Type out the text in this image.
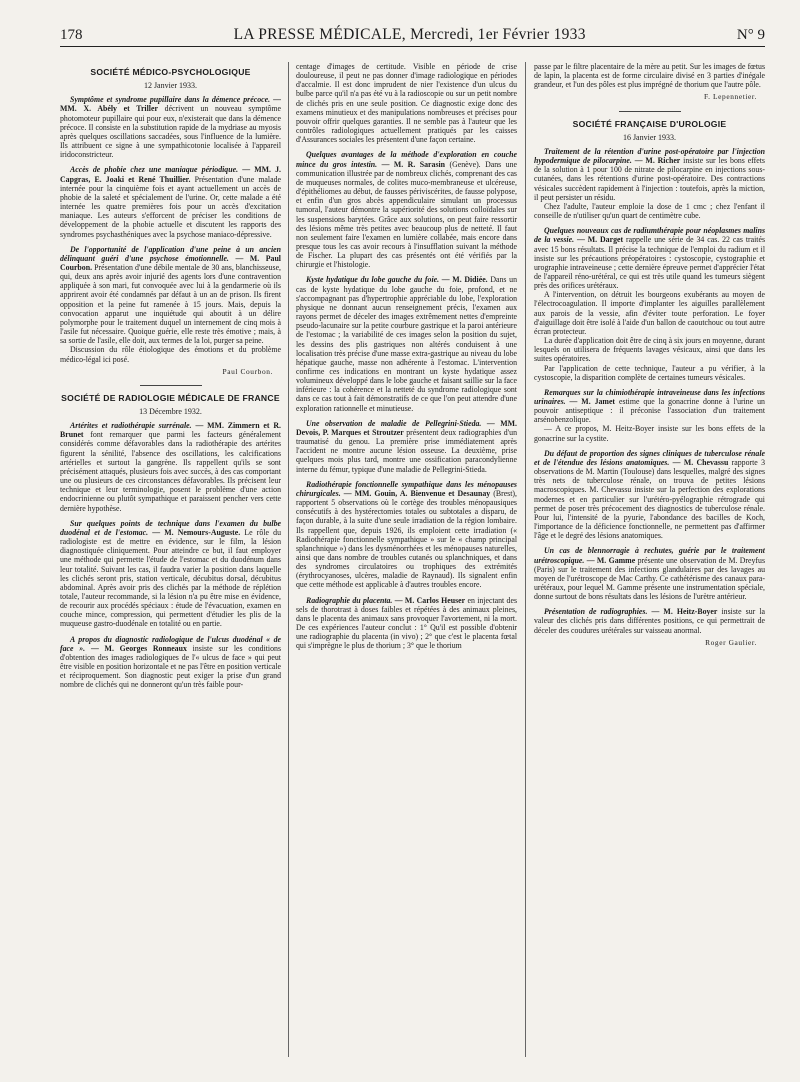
178	LA PRESSE MÉDICALE, Mercredi, 1er Février 1933	N° 9
SOCIÉTÉ MÉDICO-PSYCHOLOGIQUE
12 Janvier 1933.

Symptôme et syndrome pupillaire dans la démence précoce. — MM. X. Abély et Triller décrivent un nouveau symptôme photomoteur pupillaire qui pour eux, n'existerait que dans la démence précoce. Il consiste en la substitution rapide de la mydriase au myosis après quelques oscillations saccadées, sous l'influence de la lumière. Ils attribuent ce signe à une sympathicotonie localisée à l'appareil iridoconstricteur.

Accès de phobie chez une maniaque périodique. — MM. J. Capgras, E. Joaki et René Thuillier. Présentation d'une malade internée pour la cinquième fois et ayant actuellement un accès de phobie de la saleté et spécialement de l'urine. Or, cette malade a été internée les quatre premières fois pour un accès d'excitation maniaque. Les auteurs s'efforcent de préciser les conditions de développement de la phobie actuelle et discutent les rapports des syndromes psychasthéniques avec la psychose maniaco-dépressive.

De l'opportunité de l'application d'une peine à un ancien délinquant guéri d'une psychose émotionnelle. — M. Paul Courbon. Présentation d'une débile mentale de 30 ans, blanchisseuse, qui, deux ans après avoir injurié des agents lors d'une contravention appliquée à son mari, fut convoquée avec lui à la gendarmerie où ils apprirent avoir été condamnés par défaut à un an de prison. Ils firent opposition et la peine fut ramenée à 15 jours. Mais, depuis la convocation apparut une inquiétude qui aboutit à un délire polymorphe pour le traitement duquel un internement de cinq mois à l'asile fut nécessaire. Quoique guérie, elle reste très émotive ; mais, à sa sortie de l'asile, elle doit, aux termes de la loi, purger sa peine.

Discussion du rôle étiologique des émotions et du problème médico-légal ici posé.

Paul Courbon.
SOCIÉTÉ DE RADIOLOGIE MÉDICALE DE FRANCE
13 Décembre 1932.

Artérites et radiothérapie surrénale. — MM. Zimmern et R. Brunet font remarquer que parmi les facteurs généralement considérés comme défavorables dans la radiothérapie des artérites figurent la sénilité, l'absence des oscillations, les calcifications artérielles et surtout la gangrène. Ils rappellent qu'ils se sont précisément attaqués, plusieurs fois avec succès, à des cas comportant une ou plusieurs de ces circonstances défavorables. Ils précisent leur technique et leur terminologie, posent le problème d'une action endocrinienne ou plutôt sympathique et paraissent pencher vers cette dernière hypothèse.

Sur quelques points de technique dans l'examen du bulbe duodénal et de l'estomac. — M. Nemours-Auguste. Le rôle du radiologiste est de mettre en évidence, sur le film, la lésion diagnostiquée cliniquement. Pour atteindre ce but, il faut employer une méthode qui permette l'étude de l'estomac et du duodénum dans leur totalité. Suivant les cas, il faudra varier la position dans laquelle les clichés seront pris, station verticale, décubitus dorsal, décubitus abdominal. Après avoir pris des clichés par la méthode de réplétion totale, l'auteur recommande, si la lésion n'a pu être mise en évidence, de recourir aux procédés spéciaux : étude de l'évacuation, examen en couche mince, compression, qui permettent d'étudier les plis de la muqueuse gastro-duodénale en totalité ou en partie.

A propos du diagnostic radiologique de l'ulcus duodénal « de face ». — M. Georges Ronneaux insiste sur les conditions d'obtention des images radiologiques de l'« ulcus de face » qui peut être visible en position horizontale et ne pas l'être en position verticale et réciproquement. Son diagnostic peut exiger la prise d'un grand nombre de clichés qui ne donneront qu'un très faible pour-

centage d'images de certitude. Visible en période de crise douloureuse, il peut ne pas donner d'image radiologique en périodes d'accalmie. Il est donc imprudent de nier l'existence d'un ulcus du bulbe parce qu'il n'a pas été vu à la radioscopie ou sur un petit nombre de clichés pris en une seule position. Ce diagnostic exige donc des examens minutieux et des manipulations nombreuses et précises pour pouvoir offrir quelques garanties. Il ne semble pas à l'auteur que les contrôles radiologiques actuellement pratiqués par les caisses d'Assurances sociales les présentent d'une façon certaine.

Quelques avantages de la méthode d'exploration en couche mince du gros intestin. — M. R. Sarasin (Genève). Dans une communication illustrée par de nombreux clichés, comprenant des cas de muqueuses normales, de colites muco-membraneuse et ulcéreuse, d'épithéliomes au début, de fausses périviscérites, de fausse polypose, et enfin d'un gros abcès appendiculaire simulant un processus tumoral, l'auteur démontre la supériorité des solutions colloïdales sur les suspensions barytées. Grâce aux solutions, on peut faire ressortir des lésions même très petites avec beaucoup plus de netteté. Il faut non seulement faire l'examen en lumière collabée, mais encore dans presque tous les cas avoir recours à l'insufflation suivant la méthode de Fischer. La plupart des cas présentés ont été vérifiés par la chirurgie et l'histologie.

Kyste hydatique du lobe gauche du foie. — M. Didiée. Dans un cas de kyste hydatique du lobe gauche du foie, profond, et ne s'accompagnant pas d'hypertrophie appréciable du lobe, l'exploration physique ne donnant aucun renseignement précis, l'examen aux rayons permet de déceler des images extrêmement nettes d'empreinte pseudo-lacunaire sur la petite courbure gastrique et la paroi antérieure de l'estomac ; la variabilité de ces images selon la position du sujet, les dessins des plis gastriques non altérés conduisent à une localisation très précise d'une masse extra-gastrique au niveau du lobe hépatique gauche, masse non adhérente à l'estomac. L'intervention confirme ces indications en montrant un kyste hydatique assez volumineux développé dans le lobe gauche et faisant saillie sur la face inférieure : la cohérence et la netteté du syndrome radiologique sont dans ce cas tout à fait démonstratifs de ce que l'on peut attendre d'une exploration rationnelle et minutieuse.

Une observation de maladie de Pellegrini-Stieda. — MM. Devois, P. Marques et Stroutzer présentent deux radiographies d'un traumatisé du genou. La première prise immédiatement après l'accident ne montre aucune lésion osseuse. La deuxième, prise quelques mois plus tard, montre une ossification paracondylienne interne du fémur, typique d'une maladie de Pellegrini-Stieda.

Radiothérapie fonctionnelle sympathique dans les ménopauses chirurgicales. — MM. Gouin, A. Bienvenue et Desaunay (Brest), rapportent 5 observations où le cortège des troubles ménopausiques consécutifs à des hystérectomies totales ou subtotales a disparu, de façon durable, à la suite d'une seule irradiation de la région lombaire. Ils rappellent que, depuis 1926, ils emploient cette irradiation (« Radiothérapie fonctionnelle sympathique » sur le « champ principal splanchnique ») dans les dysménorrhées et les ménopauses naturelles, ainsi que dans nombre de troubles cutanés ou splanchniques, et dans des syndromes circulatoires ou trophiques des extrémités (érythrocyanoses, ulcères, maladie de Raynaud). Ils signalent enfin que cette méthode est applicable à d'autres troubles encore.

Radiographie du placenta. — M. Carlos Heuser en injectant des sels de thorotrast à doses faibles et répétées à des animaux pleines, dans le placenta des animaux sans provoquer l'avortement, ni la mort. De ces expériences l'auteur conclut : 1° Qu'il est possible d'obtenir une radiographie du placenta (in vivo) ; 2° que c'est le placenta fœtal qui s'imprègne le plus de thorium ; 3° que le thorium

passe par le filtre placentaire de la mère au petit. Sur les images de fœtus de lapin, la placenta est de forme circulaire divisé en 3 parties d'inégale grandeur, et l'un des pôles est plus imprégné de thorium que l'autre pôle.

F. Lepennetier.
SOCIÉTÉ FRANÇAISE D'UROLOGIE
16 Janvier 1933.

Traitement de la rétention d'urine post-opératoire par l'injection hypodermique de pilocarpine. — M. Richer insiste sur les bons effets de la solution à 1 pour 100 de nitrate de pilocarpine en injections sous-cutanées, dans les rétentions d'urine post-opératoire. Des contractions vésicales succèdent rapidement à l'injection : toutefois, après la miction, il peut persister un résidu.

Chez l'adulte, l'auteur emploie la dose de 1 cmc ; chez l'enfant il conseille de n'utiliser qu'un quart de centimètre cube.

Quelques nouveaux cas de radiumthérapie pour néoplasmes malins de la vessie. — M. Darget rappelle une série de 34 cas. 22 cas traités avec 15 bons résultats. Il précise la technique de l'emploi du radium et il insiste sur les précautions préopératoires : cystoscopie, cystographie et urographie intraveineuse ; cette dernière épreuve permet d'apprécier l'état de l'appareil réno-urétéral, ce qui est très utile quand les tumeurs siègent près des orifices urétéraux.

A l'intervention, on détruit les bourgeons exubérants au moyen de l'électrocoagulation. Il importe d'implanter les aiguilles parallèlement aux parois de la vessie, afin d'éviter toute perforation. Le foyer d'aiguillage doit être isolé à l'aide d'un ballon de caoutchouc ou tout autre écran protecteur.

La durée d'application doit être de cinq à six jours en moyenne, durant lesquels on utilisera de fréquents lavages vésicaux, ainsi que dans les suites opératoires.

Par l'application de cette technique, l'auteur a pu vérifier, à la cystoscopie, la disparition complète de certaines tumeurs vésicales.

Remarques sur la chimiothérapie intraveineuse dans les infections urinaires. — M. Jamet estime que la gonacrine donne à l'urine un pouvoir antiseptique : il préconise l'association d'un traitement arsénobenzolique.

— A ce propos, M. Heitz-Boyer insiste sur les bons effets de la gonacrine sur la cystite.

Du défaut de proportion des signes cliniques de tuberculose rénale et de l'étendue des lésions anatomiques. — M. Chevassu rapporte 3 observations de M. Martin (Toulouse) dans lesquelles, malgré des signes très nets de tuberculose rénale, on trouva de petites lésions macroscopiques. M. Chevassu insiste sur la perfection des explorations modernes et en particulier sur l'urétéro-pyélographie rétrograde qui permet de poser très précocement des diagnostics de tuberculose rénale. Pour lui, l'intensité de la pyurie, l'abondance des bacilles de Koch, l'importance de la déficience fonctionnelle, ne permettent pas d'affirmer l'âge et le degré des lésions anatomiques.

Un cas de blennorragie à rechutes, guérie par le traitement urétroscopique. — M. Gamme présente une observation de M. Dreyfus (Paris) sur le traitement des infections glandulaires par des lavages au moyen de l'urétroscope de Mac Carthy. Ce cathétérisme des canaux para-urétéraux, pour lequel M. Gamme présente une instrumentation spéciale, donne surtout de bons résultats dans les lésions de l'urètre antérieur.

Présentation de radiographies. — M. Heitz-Boyer insiste sur la valeur des clichés pris dans différentes positions, ce qui permettrait de déceler des coudures urétérales sur vaisseau anormal.

Roger Gaulier.
